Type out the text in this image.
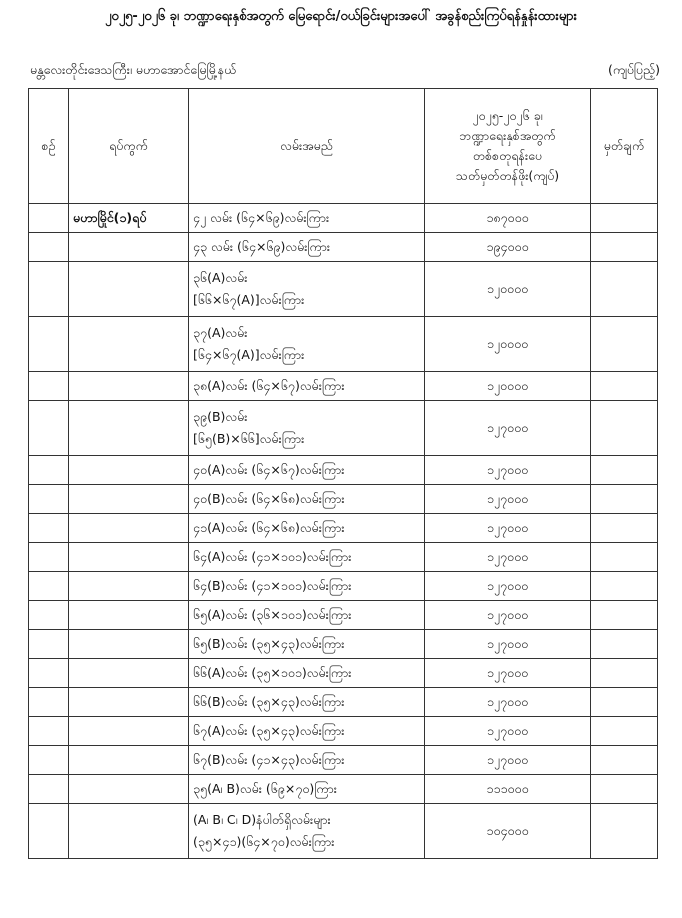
၂၀၂၅-၂၀၂၆ ခု၊ ဘဏ္ဍာရေးနှစ်အတွက် မြေရောင်း/ဝယ်ခြင်းများအပေါ် အခွန်စည်းကြပ်ရန်နှုန်းထားများ
မန္တလေးတိုင်းဒေသကြီး၊ မဟာအောင်မြေမြို့နယ်	(ကျပ်ပြည့်)
စဉ်	ရပ်ကွက်	လမ်းအမည်	၂၀၂၅-၂၀၂၆ ခု၊
ဘဏ္ဍာရေးနှစ်အတွက်
တစ်စတုရန်းပေ
သတ်မှတ်တန်ဖိုး(ကျပ်)	မှတ်ချက်
	မဟာမြိုင်(၁)ရပ်	၄၂ လမ်း (၆၄×၆၉)လမ်းကြား	၁၈၇၀၀၀	

		၄၃ လမ်း (၆၄×၆၉)လမ်းကြား	၁၉၄၀၀၀	

		၃၆(A)လမ်း
[၆၆×၆၇(A)]လမ်းကြား	၁၂၀၀၀၀	

		၃၇(A)လမ်း
[၆၄×၆၇(A)]လမ်းကြား	၁၂၀၀၀၀	

		၃၈(A)လမ်း (၆၄×၆၇)လမ်းကြား	၁၂၀၀၀၀	

		၃၉(B)လမ်း
[၆၅(B)×၆၆]လမ်းကြား	၁၂၇၀၀၀	

		၄၀(A)လမ်း (၆၄×၆၇)လမ်းကြား	၁၂၇၀၀၀	

		၄၀(B)လမ်း (၆၄×၆၈)လမ်းကြား	၁၂၇၀၀၀	

		၄၁(A)လမ်း (၆၄×၆၈)လမ်းကြား	၁၂၇၀၀၀	

		၆၄(A)လမ်း (၄၁×၁၀၁)လမ်းကြား	၁၂၇၀၀၀	

		၆၄(B)လမ်း (၄၁×၁၀၁)လမ်းကြား	၁၂၇၀၀၀	

		၆၅(A)လမ်း (၃၆×၁၀၁)လမ်းကြား	၁၂၇၀၀၀	

		၆၅(B)လမ်း (၃၅×၄၃)လမ်းကြား	၁၂၇၀၀၀	

		၆၆(A)လမ်း (၃၅×၁၀၁)လမ်းကြား	၁၂၇၀၀၀	

		၆၆(B)လမ်း (၃၅×၄၃)လမ်းကြား	၁၂၇၀၀၀	

		၆၇(A)လမ်း (၃၅×၄၃)လမ်းကြား	၁၂၇၀၀၀	

		၆၇(B)လမ်း (၄၁×၄၃)လမ်းကြား	၁၂၇၀၀၀	

		၃၅(A၊ B)လမ်း (၆၉×၇၀)ကြား	၁၁၁၀၀၀	

		(A၊ B၊ C၊ D)နံပါတ်ရှိလမ်းများ
(၃၅×၄၁)(၆၄×၇၀)လမ်းကြား	၁၀၄၀၀၀	
